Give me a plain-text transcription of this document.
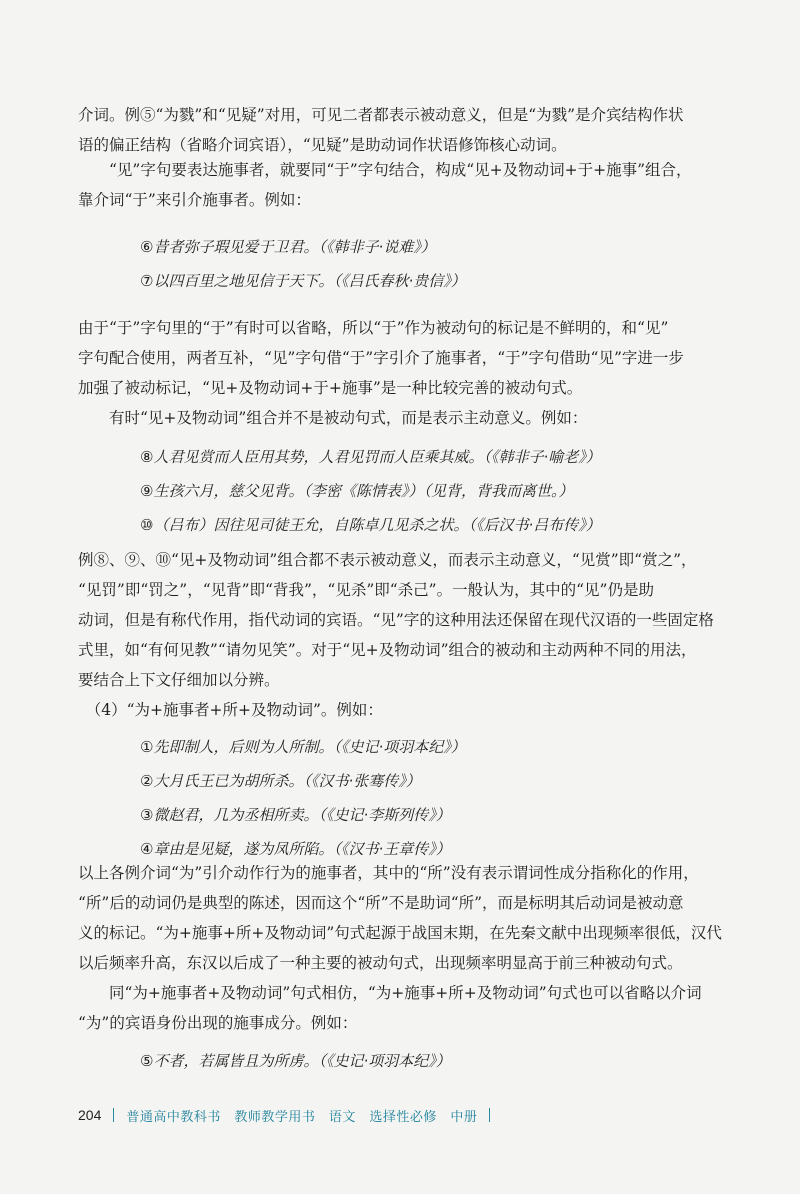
介词。例⑤“为戮”和“见疑”对用，可见二者都表示被动意义，但是“为戮”是介宾结构作状
语的偏正结构（省略介词宾语），“见疑”是助动词作状语修饰核心动词。
　　“见”字句要表达施事者，就要同“于”字句结合，构成“见+及物动词+于+施事”组合，
靠介词“于”来引介施事者。例如：
⑥昔者弥子瑕见爱于卫君。（《韩非子·说难》）
⑦以四百里之地见信于天下。（《吕氏春秋·贵信》）
由于“于”字句里的“于”有时可以省略，所以“于”作为被动句的标记是不鲜明的，和“见”
字句配合使用，两者互补，“见”字句借“于”字引介了施事者，“于”字句借助“见”字进一步
加强了被动标记，“见+及物动词+于+施事”是一种比较完善的被动句式。
　　有时“见+及物动词”组合并不是被动句式，而是表示主动意义。例如：
⑧人君见赏而人臣用其势，人君见罚而人臣乘其威。（《韩非子·喻老》）
⑨生孩六月，慈父见背。（李密《陈情表》）（见背，背我而离世。）
⑩（吕布）因往见司徒王允，自陈卓几见杀之状。（《后汉书·吕布传》）
例⑧、⑨、⑩“见+及物动词”组合都不表示被动意义，而表示主动意义，“见赏”即“赏之”，
“见罚”即“罚之”，“见背”即“背我”，“见杀”即“杀己”。一般认为，其中的“见”仍是助
动词，但是有称代作用，指代动词的宾语。“见”字的这种用法还保留在现代汉语的一些固定格
式里，如“有何见教”“请勿见笑”。对于“见+及物动词”组合的被动和主动两种不同的用法，
要结合上下文仔细加以分辨。
　（4）“为+施事者+所+及物动词”。例如：
①先即制人，后则为人所制。（《史记·项羽本纪》）
②大月氏王已为胡所杀。（《汉书·张骞传》）
③微赵君，几为丞相所卖。（《史记·李斯列传》）
④章由是见疑，遂为凤所陷。（《汉书·王章传》）
以上各例介词“为”引介动作行为的施事者，其中的“所”没有表示谓词性成分指称化的作用，
“所”后的动词仍是典型的陈述，因而这个“所”不是助词“所”，而是标明其后动词是被动意
义的标记。“为+施事+所+及物动词”句式起源于战国末期，在先秦文献中出现频率很低，汉代
以后频率升高，东汉以后成了一种主要的被动句式，出现频率明显高于前三种被动句式。
　　同“为+施事者+及物动词”句式相仿，“为+施事+所+及物动词”句式也可以省略以介词
“为”的宾语身份出现的施事成分。例如：
⑤不者，若属皆且为所虏。（《史记·项羽本纪》）
204 普通高中教科书　教师教学用书　语文　选择性必修　中册
